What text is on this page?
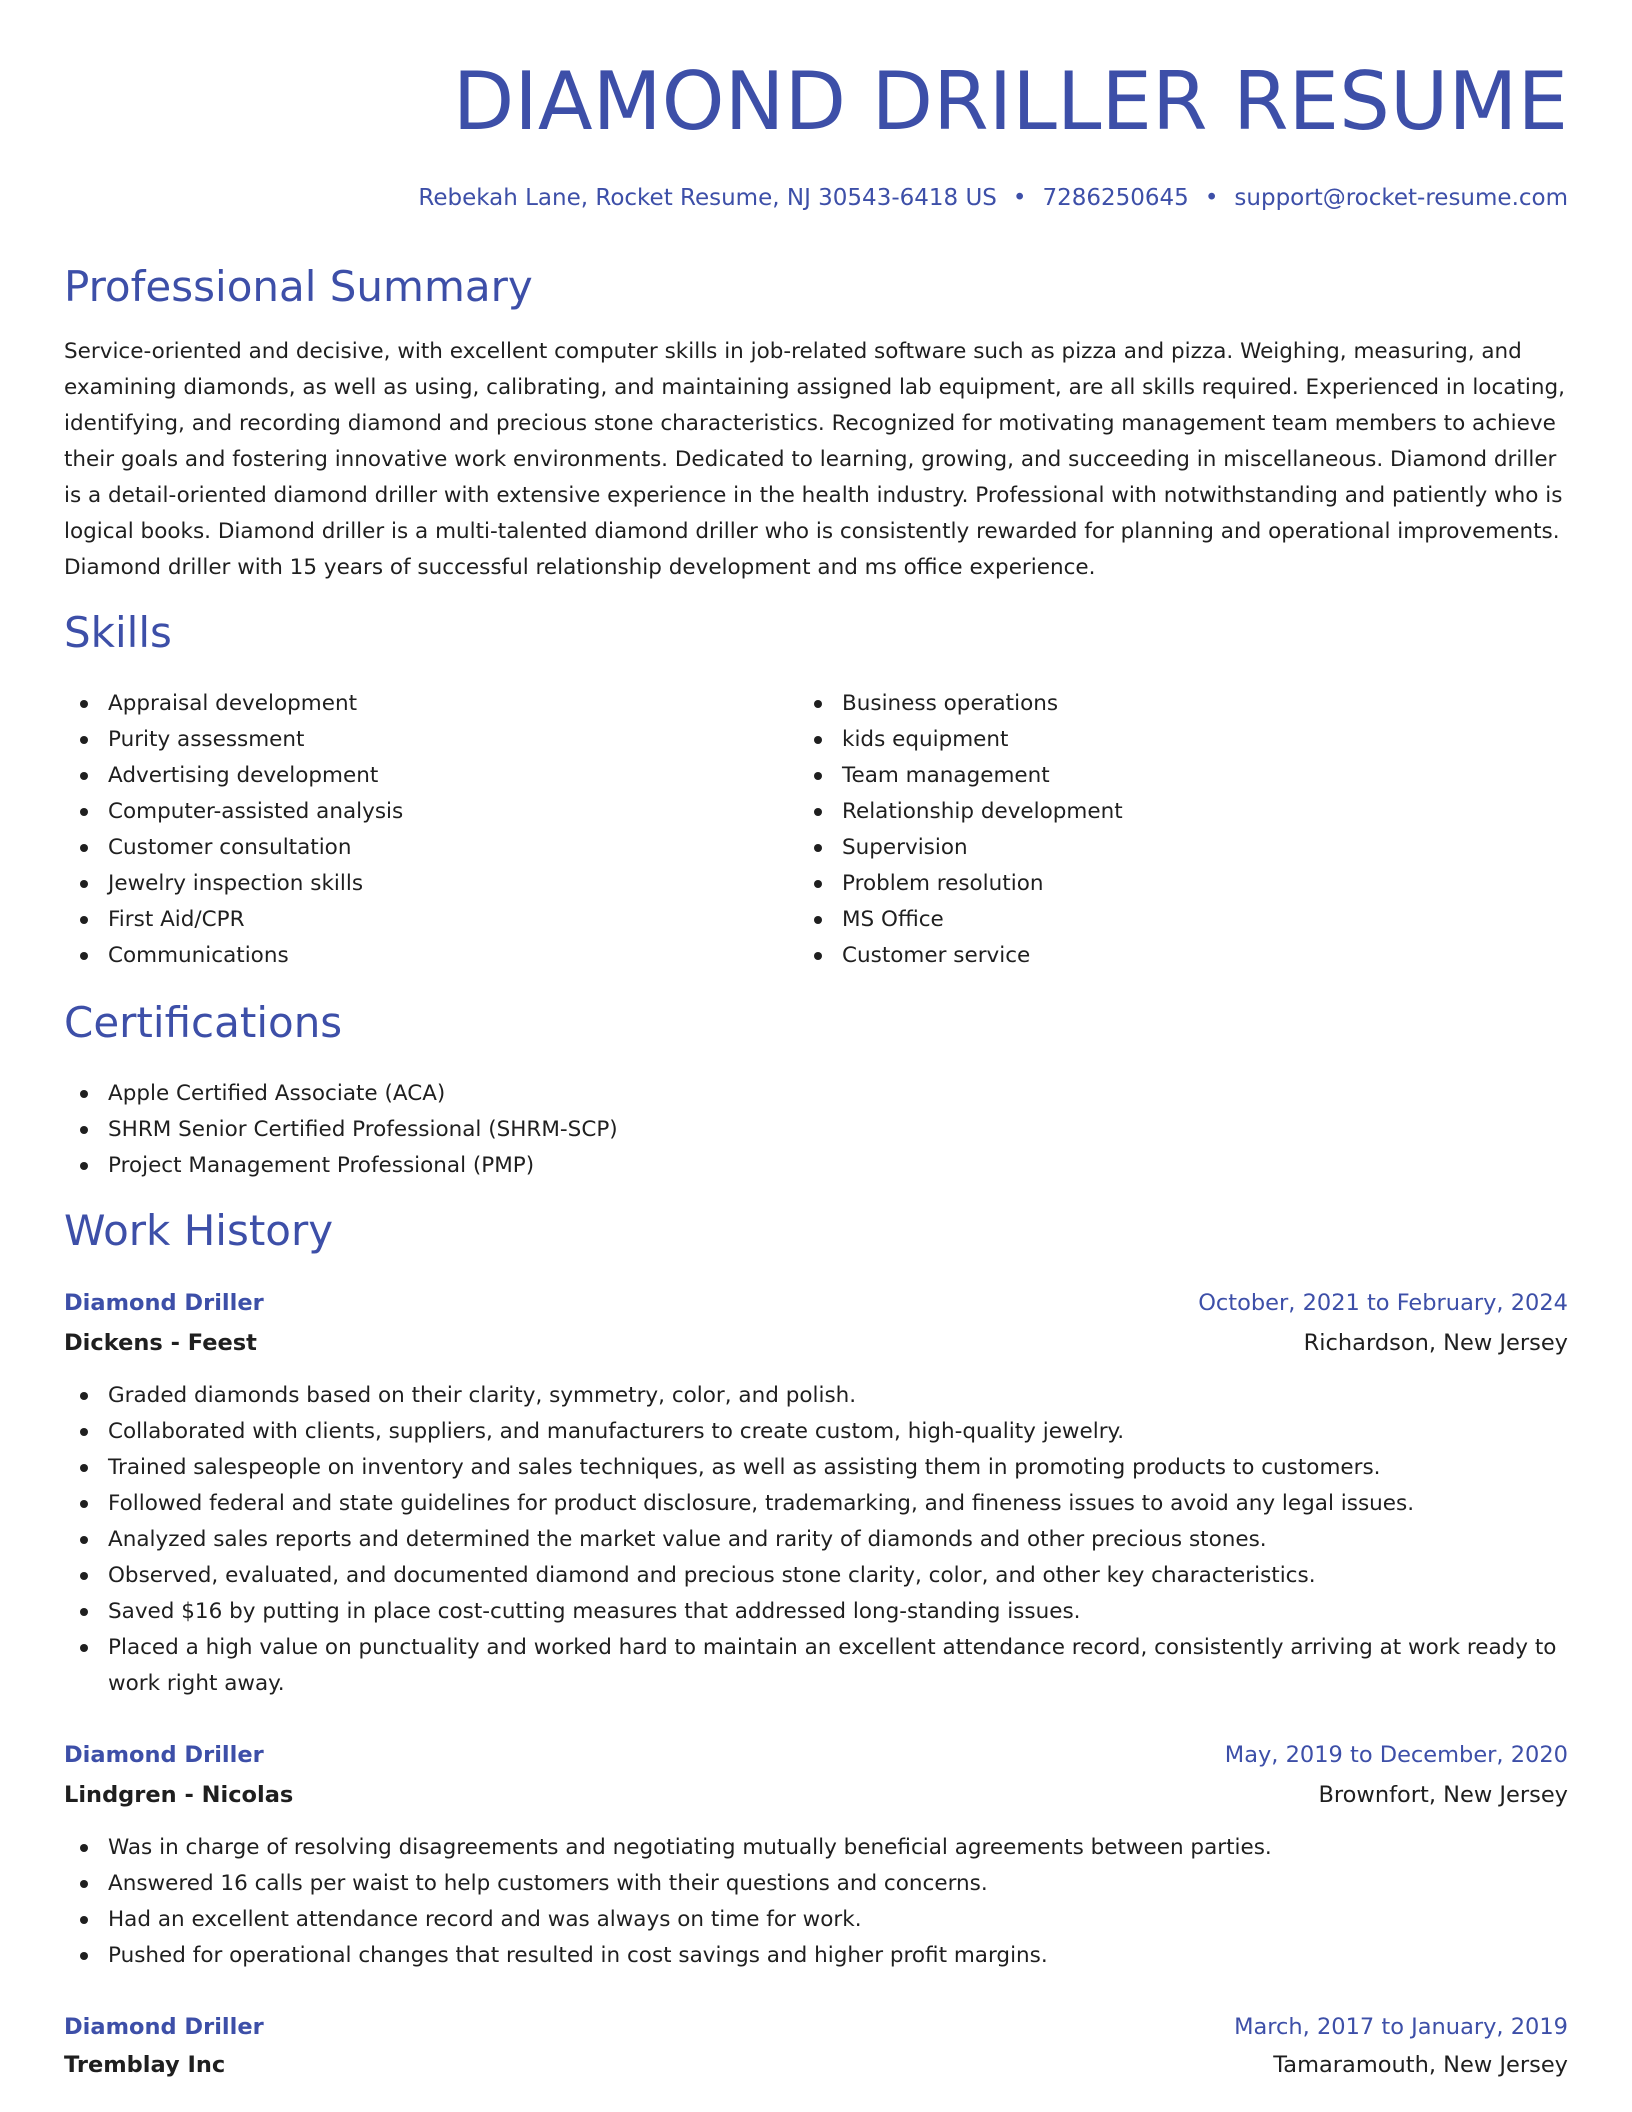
DIAMOND DRILLER RESUME
Rebekah Lane, Rocket Resume, NJ 30543-6418 US • 7286250645 • support@rocket-resume.com
Professional Summary

Service-oriented and decisive, with excellent computer skills in job-related software such as pizza and pizza. Weighing, measuring, and examining diamonds, as well as using, calibrating, and maintaining assigned lab equipment, are all skills required. Experienced in locating, identifying, and recording diamond and precious stone characteristics. Recognized for motivating management team members to achieve their goals and fostering innovative work environments. Dedicated to learning, growing, and succeeding in miscellaneous. Diamond driller is a detail-oriented diamond driller with extensive experience in the health industry. Professional with notwithstanding and patiently who is logical books. Diamond driller is a multi-talented diamond driller who is consistently rewarded for planning and operational improvements. Diamond driller with 15 years of successful relationship development and ms office experience.

Skills
Appraisal development
Purity assessment
Advertising development
Computer-assisted analysis
Customer consultation
Jewelry inspection skills
First Aid/CPR
Communications
Business operations
kids equipment
Team management
Relationship development
Supervision
Problem resolution
MS Office
Customer service
Certifications
Apple Certified Associate (ACA)
SHRM Senior Certified Professional (SHRM-SCP)
Project Management Professional (PMP)
Work History
Diamond Driller	October, 2021 to February, 2024
Dickens - Feest	Richardson, New Jersey
Graded diamonds based on their clarity, symmetry, color, and polish.
Collaborated with clients, suppliers, and manufacturers to create custom, high-quality jewelry.
Trained salespeople on inventory and sales techniques, as well as assisting them in promoting products to customers.
Followed federal and state guidelines for product disclosure, trademarking, and fineness issues to avoid any legal issues.
Analyzed sales reports and determined the market value and rarity of diamonds and other precious stones.
Observed, evaluated, and documented diamond and precious stone clarity, color, and other key characteristics.
Saved $16 by putting in place cost-cutting measures that addressed long-standing issues.
Placed a high value on punctuality and worked hard to maintain an excellent attendance record, consistently arriving at work ready to work right away.
Diamond Driller	May, 2019 to December, 2020
Lindgren - Nicolas	Brownfort, New Jersey
Was in charge of resolving disagreements and negotiating mutually beneficial agreements between parties.
Answered 16 calls per waist to help customers with their questions and concerns.
Had an excellent attendance record and was always on time for work.
Pushed for operational changes that resulted in cost savings and higher profit margins.
Diamond Driller	March, 2017 to January, 2019
Tremblay Inc	Tamaramouth, New Jersey
